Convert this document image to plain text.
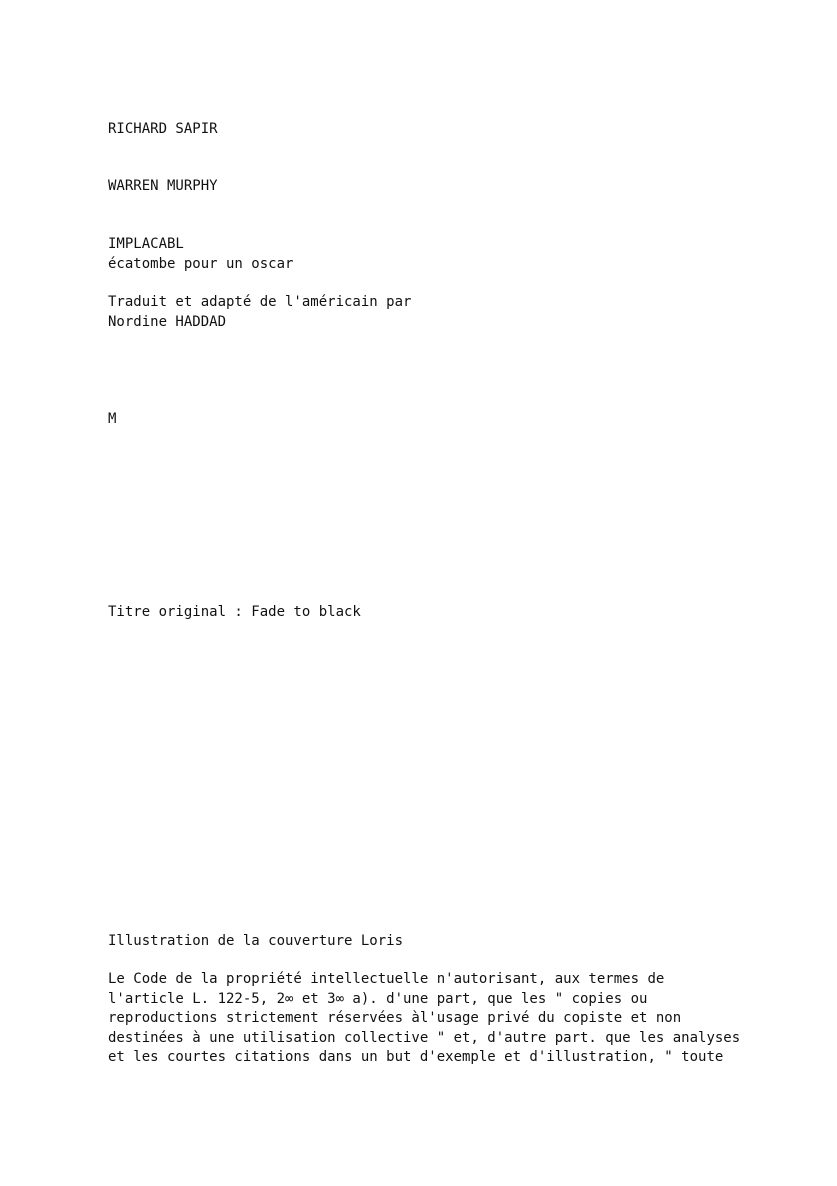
RICHARD SAPIR

WARREN MURPHY

IMPLACABL
écatombe pour un oscar
Traduit et adapté de l'américain par
Nordine HADDAD

M

Titre original : Fade to black

Illustration de la couverture Loris

Le Code de la propriété intellectuelle n'autorisant, aux termes de
l'article L. 122-5, 2∞ et 3∞ a). d'une part, que les " copies ou
reproductions strictement réservées àl'usage privé du copiste et non
destinées à une utilisation collective " et, d'autre part. que les analyses
et les courtes citations dans un but d'exemple et d'illustration, " toute
